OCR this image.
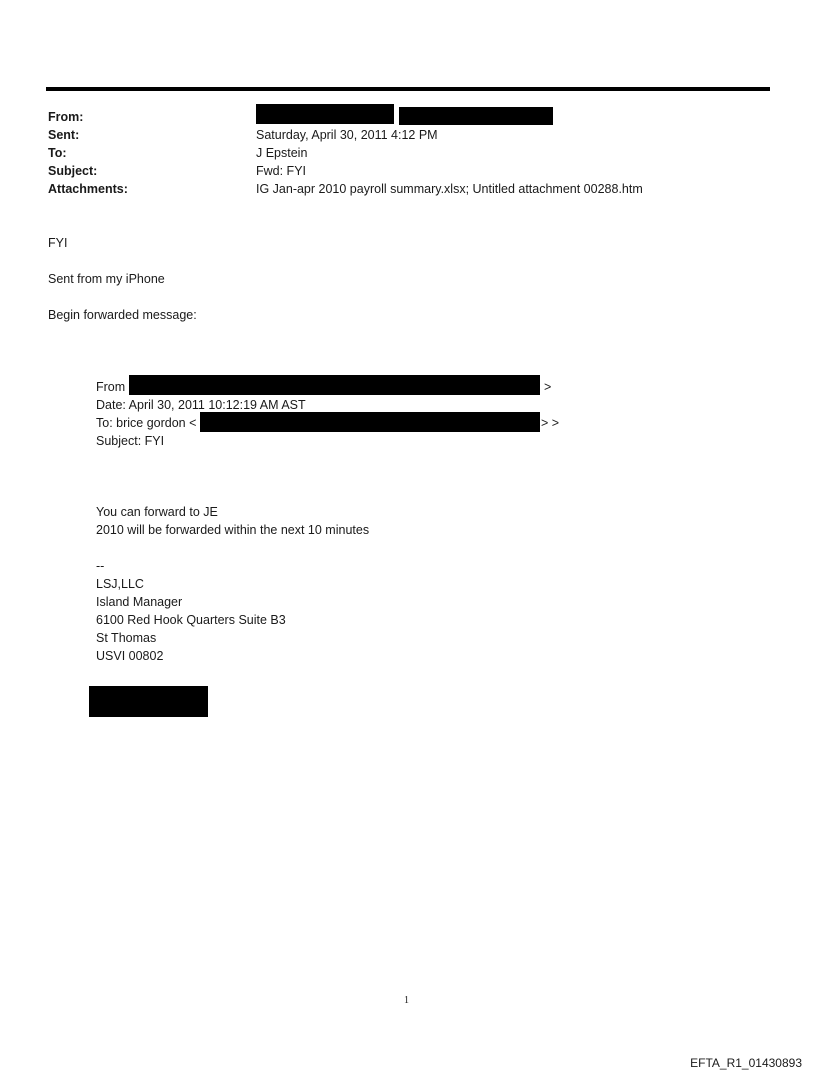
From:
Sent:	Saturday, April 30, 2011 4:12 PM
To:	J Epstein
Subject:	Fwd: FYI
Attachments:	IG Jan-apr 2010 payroll summary.xlsx; Untitled attachment 00288.htm
FYI
Sent from my iPhone
Begin forwarded message:
From	>
Date: April 30, 2011 10:12:19 AM AST
To: brice gordon <	> >
Subject: FYI
You can forward to JE
2010 will be forwarded within the next 10 minutes
--
LSJ,LLC
Island Manager
6100 Red Hook Quarters Suite B3
St Thomas
USVI 00802
1
EFTA_R1_01430893
